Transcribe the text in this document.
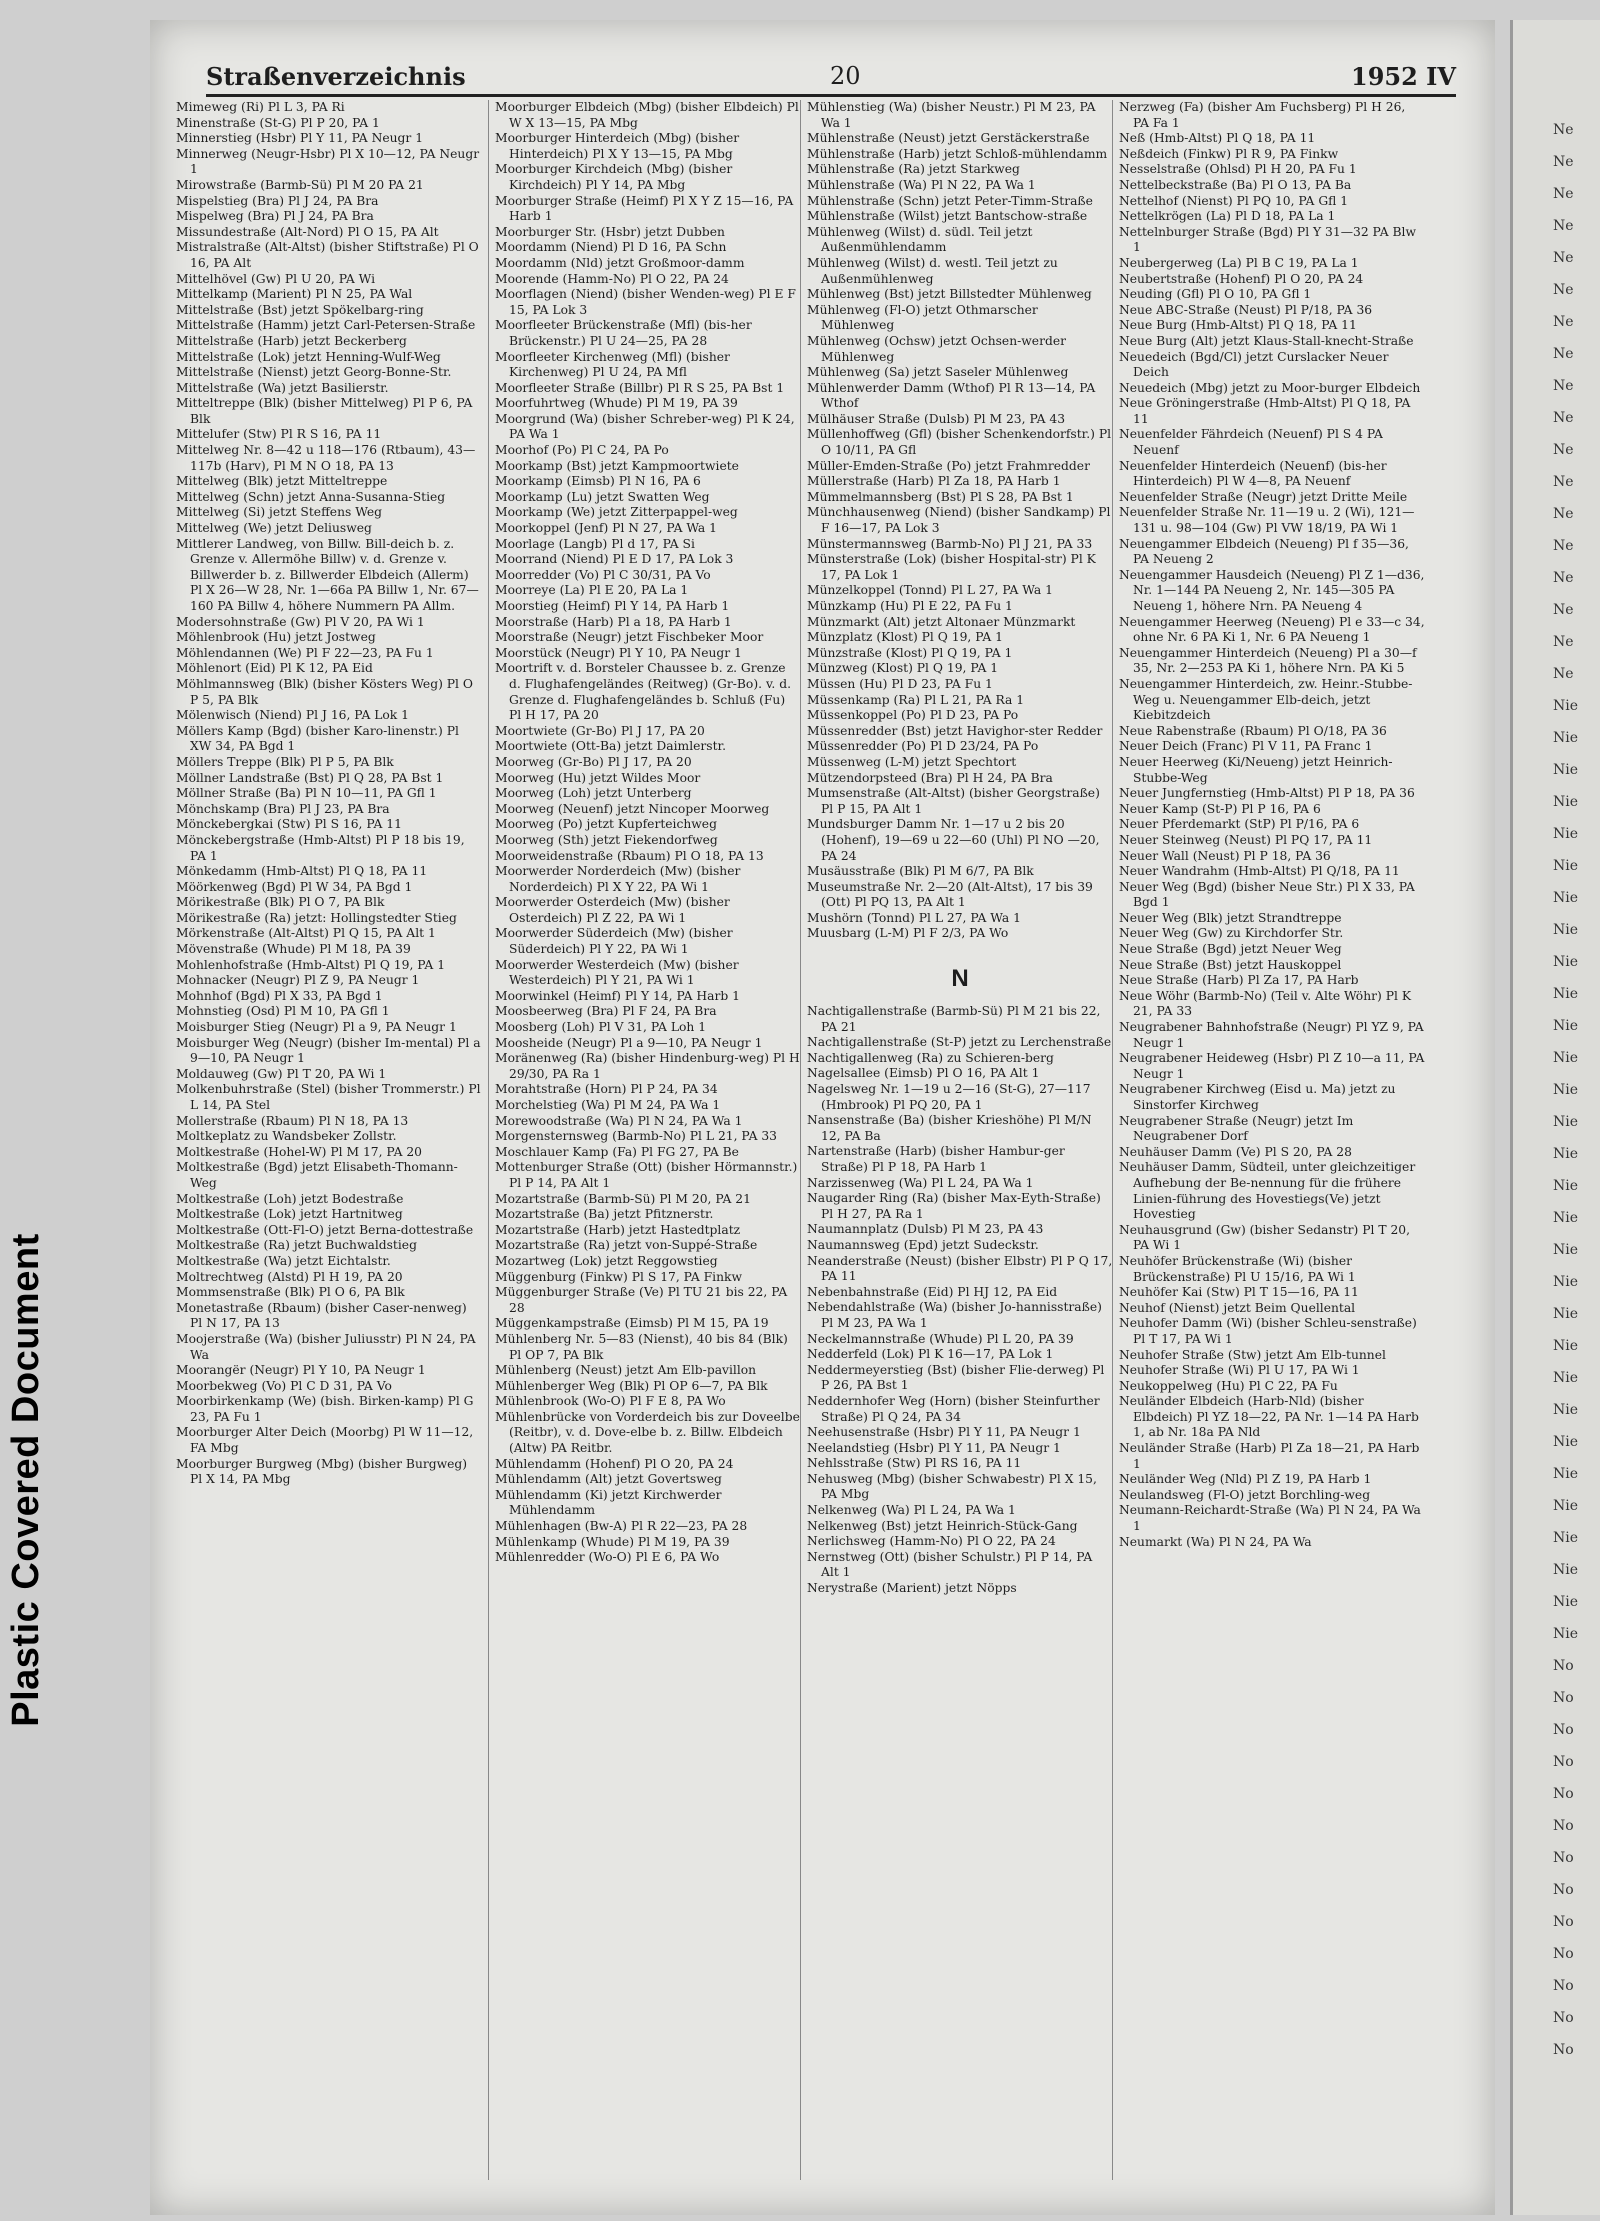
Plastic Covered Document
Straßenverzeichnis	20	1952 IV

Mimeweg (Ri) Pl L 3, PA Ri

Minenstraße (St-G) Pl P 20, PA 1

Minnerstieg (Hsbr) Pl Y 11, PA Neugr 1

Minnerweg (Neugr-Hsbr) Pl X 10—12, PA Neugr 1

Mirowstraße (Barmb-Sü) Pl M 20 PA 21

Mispelstieg (Bra) Pl J 24, PA Bra

Mispelweg (Bra) Pl J 24, PA Bra

Missundestraße (Alt-Nord) Pl O 15, PA Alt

Mistralstraße (Alt-Altst) (bisher Stiftstraße) Pl O 16, PA Alt

Mittelhövel (Gw) Pl U 20, PA Wi

Mittelkamp (Marient) Pl N 25, PA Wal

Mittelstraße (Bst) jetzt Spökelbarg-ring

Mittelstraße (Hamm) jetzt Carl-Petersen-Straße

Mittelstraße (Harb) jetzt Beckerberg

Mittelstraße (Lok) jetzt Henning-Wulf-Weg

Mittelstraße (Nienst) jetzt Georg-Bonne-Str.

Mittelstraße (Wa) jetzt Basilierstr.

Mitteltreppe (Blk) (bisher Mittelweg) Pl P 6, PA Blk

Mittelufer (Stw) Pl R S 16, PA 11

Mittelweg Nr. 8—42 u 118—176 (Rtbaum), 43—117b (Harv), Pl M N O 18, PA 13

Mittelweg (Blk) jetzt Mitteltreppe

Mittelweg (Schn) jetzt Anna-Susanna-Stieg

Mittelweg (Si) jetzt Steffens Weg

Mittelweg (We) jetzt Deliusweg

Mittlerer Landweg, von Billw. Bill-deich b. z. Grenze v. Allermöhe Billw) v. d. Grenze v. Billwerder b. z. Billwerder Elbdeich (Allerm) Pl X 26—W 28, Nr. 1—66a PA Billw 1, Nr. 67—160 PA Billw 4, höhere Nummern PA Allm.

Modersohnstraße (Gw) Pl V 20, PA Wi 1

Möhlenbrook (Hu) jetzt Jostweg

Möhlendannen (We) Pl F 22—23, PA Fu 1

Möhlenort (Eid) Pl K 12, PA Eid

Möhlmannsweg (Blk) (bisher Kösters Weg) Pl O P 5, PA Blk

Mölenwisch (Niend) Pl J 16, PA Lok 1

Möllers Kamp (Bgd) (bisher Karo-linenstr.) Pl XW 34, PA Bgd 1

Möllers Treppe (Blk) Pl P 5, PA Blk

Möllner Landstraße (Bst) Pl Q 28, PA Bst 1

Möllner Straße (Ba) Pl N 10—11, PA Gfl 1

Mönchskamp (Bra) Pl J 23, PA Bra

Mönckebergkai (Stw) Pl S 16, PA 11

Mönckebergstraße (Hmb-Altst) Pl P 18 bis 19, PA 1

Mönkedamm (Hmb-Altst) Pl Q 18, PA 11

Möörkenweg (Bgd) Pl W 34, PA Bgd 1

Mörikestraße (Blk) Pl O 7, PA Blk

Mörikestraße (Ra) jetzt: Hollingstedter Stieg

Mörkenstraße (Alt-Altst) Pl Q 15, PA Alt 1

Mövenstraße (Whude) Pl M 18, PA 39

Mohlenhofstraße (Hmb-Altst) Pl Q 19, PA 1

Mohnacker (Neugr) Pl Z 9, PA Neugr 1

Mohnhof (Bgd) Pl X 33, PA Bgd 1

Mohnstieg (Osd) Pl M 10, PA Gfl 1

Moisburger Stieg (Neugr) Pl a 9, PA Neugr 1

Moisburger Weg (Neugr) (bisher Im-mental) Pl a 9—10, PA Neugr 1

Moldauweg (Gw) Pl T 20, PA Wi 1

Molkenbuhrstraße (Stel) (bisher Trommerstr.) Pl L 14, PA Stel

Mollerstraße (Rbaum) Pl N 18, PA 13

Moltkeplatz zu Wandsbeker Zollstr.

Moltkestraße (Hohel-W) Pl M 17, PA 20

Moltkestraße (Bgd) jetzt Elisabeth-Thomann-Weg

Moltkestraße (Loh) jetzt Bodestraße

Moltkestraße (Lok) jetzt Hartnitweg

Moltkestraße (Ott-Fl-O) jetzt Berna-dottestraße

Moltkestraße (Ra) jetzt Buchwaldstieg

Moltkestraße (Wa) jetzt Eichtalstr.

Moltrechtweg (Alstd) Pl H 19, PA 20

Mommsenstraße (Blk) Pl O 6, PA Blk

Monetastraße (Rbaum) (bisher Caser-nenweg) Pl N 17, PA 13

Moojerstraße (Wa) (bisher Juliusstr) Pl N 24, PA Wa

Moorangër (Neugr) Pl Y 10, PA Neugr 1

Moorbekweg (Vo) Pl C D 31, PA Vo

Moorbirkenkamp (We) (bish. Birken-kamp) Pl G 23, PA Fu 1

Moorburger Alter Deich (Moorbg) Pl W 11—12, FA Mbg

Moorburger Burgweg (Mbg) (bisher Burgweg) Pl X 14, PA Mbg

Moorburger Elbdeich (Mbg) (bisher Elbdeich) Pl W X 13—15, PA Mbg

Moorburger Hinterdeich (Mbg) (bisher Hinterdeich) Pl X Y 13—15, PA Mbg

Moorburger Kirchdeich (Mbg) (bisher Kirchdeich) Pl Y 14, PA Mbg

Moorburger Straße (Heimf) Pl X Y Z 15—16, PA Harb 1

Moorburger Str. (Hsbr) jetzt Dubben

Moordamm (Niend) Pl D 16, PA Schn

Moordamm (Nld) jetzt Großmoor-damm

Moorende (Hamm-No) Pl O 22, PA 24

Moorflagen (Niend) (bisher Wenden-weg) Pl E F 15, PA Lok 3

Moorfleeter Brückenstraße (Mfl) (bis-her Brückenstr.) Pl U 24—25, PA 28

Moorfleeter Kirchenweg (Mfl) (bisher Kirchenweg) Pl U 24, PA Mfl

Moorfleeter Straße (Billbr) Pl R S 25, PA Bst 1

Moorfuhrtweg (Whude) Pl M 19, PA 39

Moorgrund (Wa) (bisher Schreber-weg) Pl K 24, PA Wa 1

Moorhof (Po) Pl C 24, PA Po

Moorkamp (Bst) jetzt Kampmoortwiete

Moorkamp (Eimsb) Pl N 16, PA 6

Moorkamp (Lu) jetzt Swatten Weg

Moorkamp (We) jetzt Zitterpappel-weg

Moorkoppel (Jenf) Pl N 27, PA Wa 1

Moorlage (Langb) Pl d 17, PA Si

Moorrand (Niend) Pl E D 17, PA Lok 3

Moorredder (Vo) Pl C 30/31, PA Vo

Moorreye (La) Pl E 20, PA La 1

Moorstieg (Heimf) Pl Y 14, PA Harb 1

Moorstraße (Harb) Pl a 18, PA Harb 1

Moorstraße (Neugr) jetzt Fischbeker Moor

Moorstück (Neugr) Pl Y 10, PA Neugr 1

Moortrift v. d. Borsteler Chaussee b. z. Grenze d. Flughafengeländes (Reitweg) (Gr-Bo). v. d. Grenze d. Flughafengeländes b. Schluß (Fu) Pl H 17, PA 20

Moortwiete (Gr-Bo) Pl J 17, PA 20

Moortwiete (Ott-Ba) jetzt Daimlerstr.

Moorweg (Gr-Bo) Pl J 17, PA 20

Moorweg (Hu) jetzt Wildes Moor

Moorweg (Loh) jetzt Unterberg

Moorweg (Neuenf) jetzt Nincoper Moorweg

Moorweg (Po) jetzt Kupferteichweg

Moorweg (Sth) jetzt Fiekendorfweg

Moorweidenstraße (Rbaum) Pl O 18, PA 13

Moorwerder Norderdeich (Mw) (bisher Norderdeich) Pl X Y 22, PA Wi 1

Moorwerder Osterdeich (Mw) (bisher Osterdeich) Pl Z 22, PA Wi 1

Moorwerder Süderdeich (Mw) (bisher Süderdeich) Pl Y 22, PA Wi 1

Moorwerder Westerdeich (Mw) (bisher Westerdeich) Pl Y 21, PA Wi 1

Moorwinkel (Heimf) Pl Y 14, PA Harb 1

Moosbeerweg (Bra) Pl F 24, PA Bra

Moosberg (Loh) Pl V 31, PA Loh 1

Moosheide (Neugr) Pl a 9—10, PA Neugr 1

Moränenweg (Ra) (bisher Hindenburg-weg) Pl H 29/30, PA Ra 1

Morahtstraße (Horn) Pl P 24, PA 34

Morchelstieg (Wa) Pl M 24, PA Wa 1

Morewoodstraße (Wa) Pl N 24, PA Wa 1

Morgensternsweg (Barmb-No) Pl L 21, PA 33

Moschlauer Kamp (Fa) Pl FG 27, PA Be

Mottenburger Straße (Ott) (bisher Hörmannstr.) Pl P 14, PA Alt 1

Mozartstraße (Barmb-Sü) Pl M 20, PA 21

Mozartstraße (Ba) jetzt Pfitznerstr.

Mozartstraße (Harb) jetzt Hastedtplatz

Mozartstraße (Ra) jetzt von-Suppé-Straße

Mozartweg (Lok) jetzt Reggowstieg

Müggenburg (Finkw) Pl S 17, PA Finkw

Müggenburger Straße (Ve) Pl TU 21 bis 22, PA 28

Müggenkampstraße (Eimsb) Pl M 15, PA 19

Mühlenberg Nr. 5—83 (Nienst), 40 bis 84 (Blk) Pl OP 7, PA Blk

Mühlenberg (Neust) jetzt Am Elb-pavillon

Mühlenberger Weg (Blk) Pl OP 6—7, PA Blk

Mühlenbrook (Wo-O) Pl F E 8, PA Wo

Mühlenbrücke von Vorderdeich bis zur Doveelbe (Reitbr), v. d. Dove-elbe b. z. Billw. Elbdeich (Altw) PA Reitbr.

Mühlendamm (Hohenf) Pl O 20, PA 24

Mühlendamm (Alt) jetzt Govertsweg

Mühlendamm (Ki) jetzt Kirchwerder Mühlendamm

Mühlenhagen (Bw-A) Pl R 22—23, PA 28

Mühlenkamp (Whude) Pl M 19, PA 39

Mühlenredder (Wo-O) Pl E 6, PA Wo

Mühlenstieg (Wa) (bisher Neustr.) Pl M 23, PA Wa 1

Mühlenstraße (Neust) jetzt Gerstäckerstraße

Mühlenstraße (Harb) jetzt Schloß-mühlendamm

Mühlenstraße (Ra) jetzt Starkweg

Mühlenstraße (Wa) Pl N 22, PA Wa 1

Mühlenstraße (Schn) jetzt Peter-Timm-Straße

Mühlenstraße (Wilst) jetzt Bantschow-straße

Mühlenweg (Wilst) d. südl. Teil jetzt Außenmühlendamm

Mühlenweg (Wilst) d. westl. Teil jetzt zu Außenmühlenweg

Mühlenweg (Bst) jetzt Billstedter Mühlenweg

Mühlenweg (Fl-O) jetzt Othmarscher Mühlenweg

Mühlenweg (Ochsw) jetzt Ochsen-werder Mühlenweg

Mühlenweg (Sa) jetzt Saseler Mühlenweg

Mühlenwerder Damm (Wthof) Pl R 13—14, PA Wthof

Mülhäuser Straße (Dulsb) Pl M 23, PA 43

Müllenhoffweg (Gfl) (bisher Schenkendorfstr.) Pl O 10/11, PA Gfl

Müller-Emden-Straße (Po) jetzt Frahmredder

Müllerstraße (Harb) Pl Za 18, PA Harb 1

Mümmelmannsberg (Bst) Pl S 28, PA Bst 1

Münchhausenweg (Niend) (bisher Sandkamp) Pl F 16—17, PA Lok 3

Münstermannsweg (Barmb-No) Pl J 21, PA 33

Münsterstraße (Lok) (bisher Hospital-str) Pl K 17, PA Lok 1

Münzelkoppel (Tonnd) Pl L 27, PA Wa 1

Münzkamp (Hu) Pl E 22, PA Fu 1

Münzmarkt (Alt) jetzt Altonaer Münzmarkt

Münzplatz (Klost) Pl Q 19, PA 1

Münzstraße (Klost) Pl Q 19, PA 1

Münzweg (Klost) Pl Q 19, PA 1

Müssen (Hu) Pl D 23, PA Fu 1

Müssenkamp (Ra) Pl L 21, PA Ra 1

Müssenkoppel (Po) Pl D 23, PA Po

Müssenredder (Bst) jetzt Havighor-ster Redder

Müssenredder (Po) Pl D 23/24, PA Po

Müssenweg (L-M) jetzt Spechtort

Mützendorpsteed (Bra) Pl H 24, PA Bra

Mumsenstraße (Alt-Altst) (bisher Georgstraße) Pl P 15, PA Alt 1

Mundsburger Damm Nr. 1—17 u 2 bis 20 (Hohenf), 19—69 u 22—60 (Uhl) Pl NO —20, PA 24

Musäusstraße (Blk) Pl M 6/7, PA Blk

Museumstraße Nr. 2—20 (Alt-Altst), 17 bis 39 (Ott) Pl PQ 13, PA Alt 1

Mushörn (Tonnd) Pl L 27, PA Wa 1

Muusbarg (L-M) Pl F 2/3, PA Wo

N

Nachtigallenstraße (Barmb-Sü) Pl M 21 bis 22, PA 21

Nachtigallenstraße (St-P) jetzt zu Lerchenstraße

Nachtigallenweg (Ra) zu Schieren-berg

Nagelsallee (Eimsb) Pl O 16, PA Alt 1

Nagelsweg Nr. 1—19 u 2—16 (St-G), 27—117 (Hmbrook) Pl PQ 20, PA 1

Nansenstraße (Ba) (bisher Krieshöhe) Pl M/N 12, PA Ba

Nartenstraße (Harb) (bisher Hambur-ger Straße) Pl P 18, PA Harb 1

Narzissenweg (Wa) Pl L 24, PA Wa 1

Naugarder Ring (Ra) (bisher Max-Eyth-Straße) Pl H 27, PA Ra 1

Naumannplatz (Dulsb) Pl M 23, PA 43

Naumannsweg (Epd) jetzt Sudeckstr.

Neanderstraße (Neust) (bisher Elbstr) Pl P Q 17, PA 11

Nebenbahnstraße (Eid) Pl HJ 12, PA Eid

Nebendahlstraße (Wa) (bisher Jo-hannisstraße) Pl M 23, PA Wa 1

Neckelmannstraße (Whude) Pl L 20, PA 39

Nedderfeld (Lok) Pl K 16—17, PA Lok 1

Neddermeyerstieg (Bst) (bisher Flie-derweg) Pl P 26, PA Bst 1

Neddernhofer Weg (Horn) (bisher Steinfurther Straße) Pl Q 24, PA 34

Neehusenstraße (Hsbr) Pl Y 11, PA Neugr 1

Neelandstieg (Hsbr) Pl Y 11, PA Neugr 1

Nehlsstraße (Stw) Pl RS 16, PA 11

Nehusweg (Mbg) (bisher Schwabestr) Pl X 15, PA Mbg

Nelkenweg (Wa) Pl L 24, PA Wa 1

Nelkenweg (Bst) jetzt Heinrich-Stück-Gang

Nerlichsweg (Hamm-No) Pl O 22, PA 24

Nernstweg (Ott) (bisher Schulstr.) Pl P 14, PA Alt 1

Nerystraße (Marient) jetzt Nöpps

Nerzweg (Fa) (bisher Am Fuchsberg) Pl H 26, PA Fa 1

Neß (Hmb-Altst) Pl Q 18, PA 11

Neßdeich (Finkw) Pl R 9, PA Finkw

Nesselstraße (Ohlsd) Pl H 20, PA Fu 1

Nettelbeckstraße (Ba) Pl O 13, PA Ba

Nettelhof (Nienst) Pl PQ 10, PA Gfl 1

Nettelkrögen (La) Pl D 18, PA La 1

Nettelnburger Straße (Bgd) Pl Y 31—32 PA Blw 1

Neubergerweg (La) Pl B C 19, PA La 1

Neubertstraße (Hohenf) Pl O 20, PA 24

Neuding (Gfl) Pl O 10, PA Gfl 1

Neue ABC-Straße (Neust) Pl P/18, PA 36

Neue Burg (Hmb-Altst) Pl Q 18, PA 11

Neue Burg (Alt) jetzt Klaus-Stall-knecht-Straße

Neuedeich (Bgd/Cl) jetzt Curslacker Neuer Deich

Neuedeich (Mbg) jetzt zu Moor-burger Elbdeich

Neue Gröningerstraße (Hmb-Altst) Pl Q 18, PA 11

Neuenfelder Fährdeich (Neuenf) Pl S 4 PA Neuenf

Neuenfelder Hinterdeich (Neuenf) (bis-her Hinterdeich) Pl W 4—8, PA Neuenf

Neuenfelder Straße (Neugr) jetzt Dritte Meile

Neuenfelder Straße Nr. 11—19 u. 2 (Wi), 121—131 u. 98—104 (Gw) Pl VW 18/19, PA Wi 1

Neuengammer Elbdeich (Neueng) Pl f 35—36, PA Neueng 2

Neuengammer Hausdeich (Neueng) Pl Z 1—d36, Nr. 1—144 PA Neueng 2, Nr. 145—305 PA Neueng 1, höhere Nrn. PA Neueng 4

Neuengammer Heerweg (Neueng) Pl e 33—c 34, ohne Nr. 6 PA Ki 1, Nr. 6 PA Neueng 1

Neuengammer Hinterdeich (Neueng) Pl a 30—f 35, Nr. 2—253 PA Ki 1, höhere Nrn. PA Ki 5

Neuengammer Hinterdeich, zw. Heinr.-Stubbe-Weg u. Neuengammer Elb-deich, jetzt Kiebitzdeich

Neue Rabenstraße (Rbaum) Pl O/18, PA 36

Neuer Deich (Franc) Pl V 11, PA Franc 1

Neuer Heerweg (Ki/Neueng) jetzt Heinrich-Stubbe-Weg

Neuer Jungfernstieg (Hmb-Altst) Pl P 18, PA 36

Neuer Kamp (St-P) Pl P 16, PA 6

Neuer Pferdemarkt (StP) Pl P/16, PA 6

Neuer Steinweg (Neust) Pl PQ 17, PA 11

Neuer Wall (Neust) Pl P 18, PA 36

Neuer Wandrahm (Hmb-Altst) Pl Q/18, PA 11

Neuer Weg (Bgd) (bisher Neue Str.) Pl X 33, PA Bgd 1

Neuer Weg (Blk) jetzt Strandtreppe

Neuer Weg (Gw) zu Kirchdorfer Str.

Neue Straße (Bgd) jetzt Neuer Weg

Neue Straße (Bst) jetzt Hauskoppel

Neue Straße (Harb) Pl Za 17, PA Harb

Neue Wöhr (Barmb-No) (Teil v. Alte Wöhr) Pl K 21, PA 33

Neugrabener Bahnhofstraße (Neugr) Pl YZ 9, PA Neugr 1

Neugrabener Heideweg (Hsbr) Pl Z 10—a 11, PA Neugr 1

Neugrabener Kirchweg (Eisd u. Ma) jetzt zu Sinstorfer Kirchweg

Neugrabener Straße (Neugr) jetzt Im Neugrabener Dorf

Neuhäuser Damm (Ve) Pl S 20, PA 28

Neuhäuser Damm, Südteil, unter gleichzeitiger Aufhebung der Be-nennung für die frühere Linien-führung des Hovestiegs(Ve) jetzt Hovestieg

Neuhausgrund (Gw) (bisher Sedanstr) Pl T 20, PA Wi 1

Neuhöfer Brückenstraße (Wi) (bisher Brückenstraße) Pl U 15/16, PA Wi 1

Neuhöfer Kai (Stw) Pl T 15—16, PA 11

Neuhof (Nienst) jetzt Beim Quellental

Neuhofer Damm (Wi) (bisher Schleu-senstraße) Pl T 17, PA Wi 1

Neuhofer Straße (Stw) jetzt Am Elb-tunnel

Neuhofer Straße (Wi) Pl U 17, PA Wi 1

Neukoppelweg (Hu) Pl C 22, PA Fu

Neuländer Elbdeich (Harb-Nld) (bisher Elbdeich) Pl YZ 18—22, PA Nr. 1—14 PA Harb 1, ab Nr. 18a PA Nld

Neuländer Straße (Harb) Pl Za 18—21, PA Harb 1

Neuländer Weg (Nld) Pl Z 19, PA Harb 1

Neulandsweg (Fl-O) jetzt Borchling-weg

Neumann-Reichardt-Straße (Wa) Pl N 24, PA Wa 1

Neumarkt (Wa) Pl N 24, PA Wa

Ne
Ne
Ne
Ne
Ne
Ne
Ne
Ne
Ne
Ne
Ne
Ne
Ne
Ne
Ne
Ne
Ne
Ne
Nie
Nie
Nie
Nie
Nie
Nie
Nie
Nie
Nie
Nie
Nie
Nie
Nie
Nie
Nie
Nie
Nie
Nie
Nie
Nie
Nie
Nie
Nie
Nie
Nie
Nie
Nie
Nie
Nie
Nie
No
No
No
No
No
No
No
No
No
No
No
No
No
